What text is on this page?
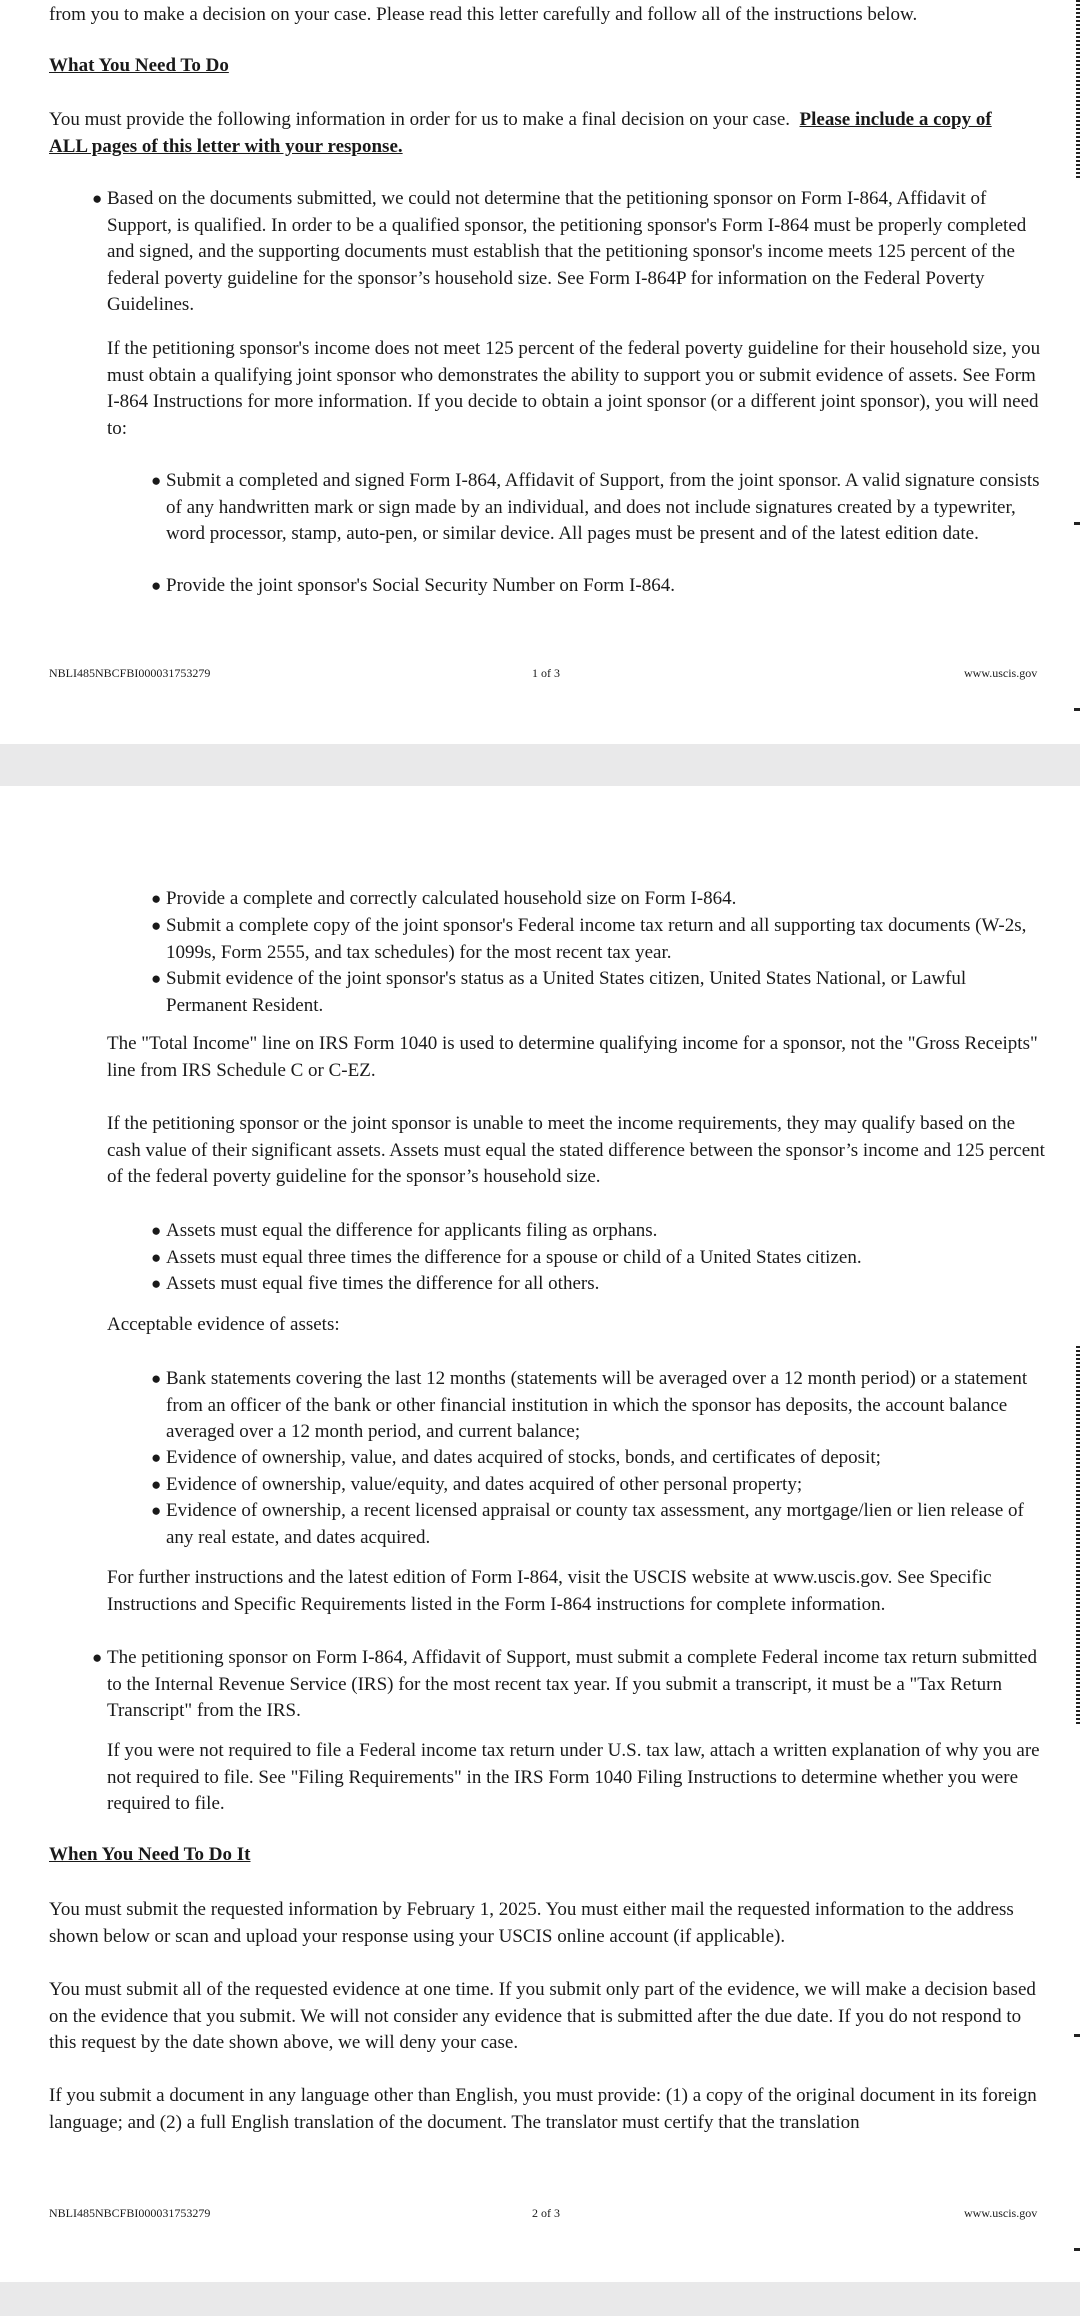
from you to make a decision on your case. Please read this letter carefully and follow all of the instructions below.

What You Need To Do

You must provide the following information in order for us to make a final decision on your case. Please include a copy of ALL pages of this letter with your response.

● Based on the documents submitted, we could not determine that the petitioning sponsor on Form I-864, Affidavit of Support, is qualified. In order to be a qualified sponsor, the petitioning sponsor's Form I-864 must be properly completed and signed, and the supporting documents must establish that the petitioning sponsor's income meets 125 percent of the federal poverty guideline for the sponsor’s household size. See Form I-864P for information on the Federal Poverty Guidelines.

If the petitioning sponsor's income does not meet 125 percent of the federal poverty guideline for their household size, you must obtain a qualifying joint sponsor who demonstrates the ability to support you or submit evidence of assets. See Form I-864 Instructions for more information. If you decide to obtain a joint sponsor (or a different joint sponsor), you will need to:

● Submit a completed and signed Form I-864, Affidavit of Support, from the joint sponsor. A valid signature consists of any handwritten mark or sign made by an individual, and does not include signatures created by a typewriter, word processor, stamp, auto-pen, or similar device. All pages must be present and of the latest edition date.
● Provide the joint sponsor's Social Security Number on Form I-864.
NBLI485NBCFBI000031753279	1 of 3	www.uscis.gov
● Provide a complete and correctly calculated household size on Form I-864.
● Submit a complete copy of the joint sponsor's Federal income tax return and all supporting tax documents (W-2s, 1099s, Form 2555, and tax schedules) for the most recent tax year.
● Submit evidence of the joint sponsor's status as a United States citizen, United States National, or Lawful Permanent Resident.

The "Total Income" line on IRS Form 1040 is used to determine qualifying income for a sponsor, not the "Gross Receipts" line from IRS Schedule C or C-EZ.

If the petitioning sponsor or the joint sponsor is unable to meet the income requirements, they may qualify based on the cash value of their significant assets. Assets must equal the stated difference between the sponsor’s income and 125 percent of the federal poverty guideline for the sponsor’s household size.

● Assets must equal the difference for applicants filing as orphans.
● Assets must equal three times the difference for a spouse or child of a United States citizen.
● Assets must equal five times the difference for all others.

Acceptable evidence of assets:

● Bank statements covering the last 12 months (statements will be averaged over a 12 month period) or a statement from an officer of the bank or other financial institution in which the sponsor has deposits, the account balance averaged over a 12 month period, and current balance;
● Evidence of ownership, value, and dates acquired of stocks, bonds, and certificates of deposit;
● Evidence of ownership, value/equity, and dates acquired of other personal property;
● Evidence of ownership, a recent licensed appraisal or county tax assessment, any mortgage/lien or lien release of any real estate, and dates acquired.

For further instructions and the latest edition of Form I-864, visit the USCIS website at www.uscis.gov. See Specific Instructions and Specific Requirements listed in the Form I-864 instructions for complete information.

● The petitioning sponsor on Form I-864, Affidavit of Support, must submit a complete Federal income tax return submitted to the Internal Revenue Service (IRS) for the most recent tax year. If you submit a transcript, it must be a "Tax Return Transcript" from the IRS.

If you were not required to file a Federal income tax return under U.S. tax law, attach a written explanation of why you are not required to file. See "Filing Requirements" in the IRS Form 1040 Filing Instructions to determine whether you were required to file.

When You Need To Do It

You must submit the requested information by February 1, 2025. You must either mail the requested information to the address shown below or scan and upload your response using your USCIS online account (if applicable).

You must submit all of the requested evidence at one time. If you submit only part of the evidence, we will make a decision based on the evidence that you submit. We will not consider any evidence that is submitted after the due date. If you do not respond to this request by the date shown above, we will deny your case.

If you submit a document in any language other than English, you must provide: (1) a copy of the original document in its foreign language; and (2) a full English translation of the document. The translator must certify that the translation

NBLI485NBCFBI000031753279	2 of 3	www.uscis.gov
